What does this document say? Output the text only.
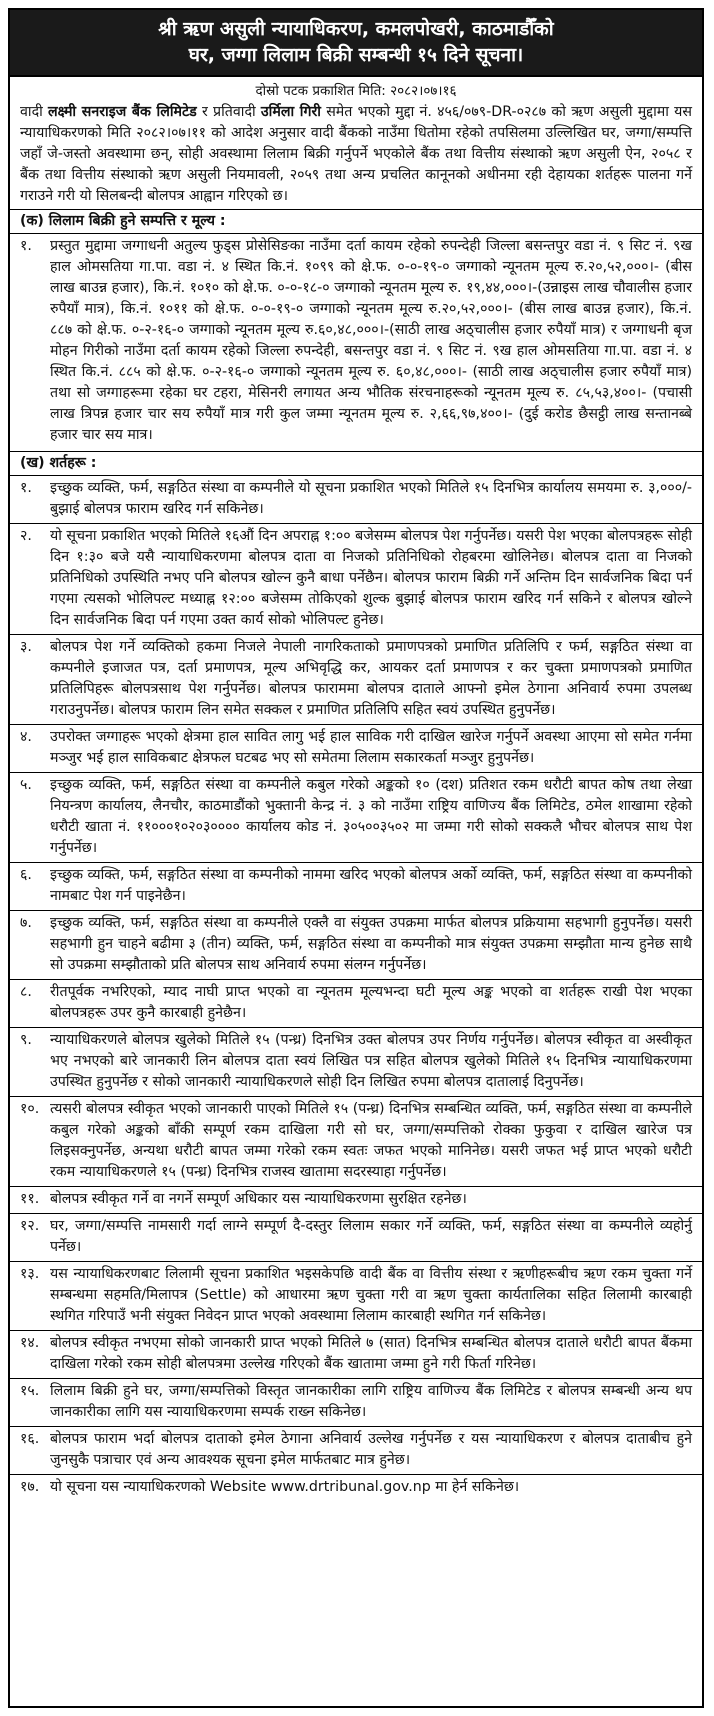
श्री ऋण असुली न्यायाधिकरण, कमलपोखरी, काठमाडौँको
घर, जग्गा लिलाम बिक्री सम्बन्धी १५ दिने सूचना।
दोस्रो पटक प्रकाशित मिति: २०८२।०७।१६

वादी लक्ष्मी सनराइज बैंक लिमिटेड र प्रतिवादी उर्मिला गिरी समेत भएको मुद्दा नं. ४५६/०७९-DR-०२८७ को ऋण असुली मुद्दामा यस न्यायाधिकरणको मिति २०८२।०७।११ को आदेश अनुसार वादी बैंकको नाउँमा धितोमा रहेको तपसिलमा उल्लिखित घर, जग्गा/सम्पत्ति जहाँ जे-जस्तो अवस्थामा छन्, सोही अवस्थामा लिलाम बिक्री गर्नुपर्ने भएकोले बैंक तथा वित्तीय संस्थाको ऋण असुली ऐन, २०५८ र बैंक तथा वित्तीय संस्थाको ऋण असुली नियमावली, २०५९ तथा अन्य प्रचलित कानूनको अधीनमा रही देहायका शर्तहरू पालना गर्ने गराउने गरी यो सिलबन्दी बोलपत्र आह्वान गरिएको छ।

(क) लिलाम बिक्री हुने सम्पत्ति र मूल्य :
१.	प्रस्तुत मुद्दामा जग्गाधनी अतुल्य फुड्स प्रोसेसिङका नाउँमा दर्ता कायम रहेको रुपन्देही जिल्ला बसन्तपुर वडा नं. ९ सिट नं. ९ख हाल ओमसतिया गा.पा. वडा नं. ४ स्थित कि.नं. १०९९ को क्षे.फ. ०-०-१९-० जग्गाको न्यूनतम मूल्य रु.२०,५२,०००।- (बीस लाख बाउन्न हजार), कि.नं. १०१० को क्षे.फ. ०-०-१८-० जग्गाको न्यूनतम मूल्य रु. १९,४४,०००।-(उन्नाइस लाख चौवालीस हजार रुपैयाँ मात्र), कि.नं. १०११ को क्षे.फ. ०-०-१९-० जग्गाको न्यूनतम मूल्य रु.२०,५२,०००।- (बीस लाख बाउन्न हजार), कि.नं. ८८७ को क्षे.फ. ०-२-१६-० जग्गाको न्यूनतम मूल्य रु.६०,४८,०००।-(साठी लाख अठ्चालीस हजार रुपैयाँ मात्र) र जग्गाधनी बृज मोहन गिरीको नाउँमा दर्ता कायम रहेको जिल्ला रुपन्देही, बसन्तपुर वडा नं. ९ सिट नं. ९ख हाल ओमसतिया गा.पा. वडा नं. ४ स्थित कि.नं. ८८५ को क्षे.फ. ०-२-१६-० जग्गाको न्यूनतम मूल्य रु. ६०,४८,०००।- (साठी लाख अठ्चालीस हजार रुपैयाँ मात्र) तथा सो जग्गाहरूमा रहेका घर टहरा, मेसिनरी लगायत अन्य भौतिक संरचनाहरूको न्यूनतम मूल्य रु. ८५,५३,४००।- (पचासी लाख त्रिपन्न हजार चार सय रुपैयाँ मात्र गरी कुल जम्मा न्यूनतम मूल्य रु. २,६६,९७,४००।- (दुई करोड छैसट्ठी लाख सन्तानब्बे हजार चार सय मात्र।
(ख) शर्तहरू :
१.	इच्छुक व्यक्ति, फर्म, सङ्गठित संस्था वा कम्पनीले यो सूचना प्रकाशित भएको मितिले १५ दिनभित्र कार्यालय समयमा रु. ३,०००/- बुझाई बोलपत्र फाराम खरिद गर्न सकिनेछ।
२.	यो सूचना प्रकाशित भएको मितिले १६औं दिन अपराह्न १:०० बजेसम्म बोलपत्र पेश गर्नुपर्नेछ। यसरी पेश भएका बोलपत्रहरू सोही दिन १:३० बजे यसै न्यायाधिकरणमा बोलपत्र दाता वा निजको प्रतिनिधिको रोहबरमा खोलिनेछ। बोलपत्र दाता वा निजको प्रतिनिधिको उपस्थिति नभए पनि बोलपत्र खोल्न कुनै बाधा पर्नेछैन। बोलपत्र फाराम बिक्री गर्ने अन्तिम दिन सार्वजनिक बिदा पर्न गएमा त्यसको भोलिपल्ट मध्याह्न १२:०० बजेसम्म तोकिएको शुल्क बुझाई बोलपत्र फाराम खरिद गर्न सकिने र बोलपत्र खोल्ने दिन सार्वजनिक बिदा पर्न गएमा उक्त कार्य सोको भोलिपल्ट हुनेछ।
३.	बोलपत्र पेश गर्ने व्यक्तिको हकमा निजले नेपाली नागरिकताको प्रमाणपत्रको प्रमाणित प्रतिलिपि र फर्म, सङ्गठित संस्था वा कम्पनीले इजाजत पत्र, दर्ता प्रमाणपत्र, मूल्य अभिवृद्धि कर, आयकर दर्ता प्रमाणपत्र र कर चुक्ता प्रमाणपत्रको प्रमाणित प्रतिलिपिहरू बोलपत्रसाथ पेश गर्नुपर्नेछ। बोलपत्र फाराममा बोलपत्र दाताले आफ्नो इमेल ठेगाना अनिवार्य रुपमा उपलब्ध गराउनुपर्नेछ। बोलपत्र फाराम लिन समेत सक्कल र प्रमाणित प्रतिलिपि सहित स्वयं उपस्थित हुनुपर्नेछ।
४.	उपरोक्त जग्गाहरू भएको क्षेत्रमा हाल सावित लागु भई हाल साविक गरी दाखिल खारेज गर्नुपर्ने अवस्था आएमा सो समेत गर्नमा मञ्जुर भई हाल साविकबाट क्षेत्रफल घटबढ भए सो समेतमा लिलाम सकारकर्ता मञ्जुर हुनुपर्नेछ।
५.	इच्छुक व्यक्ति, फर्म, सङ्गठित संस्था वा कम्पनीले कबुल गरेको अङ्कको १० (दश) प्रतिशत रकम धरौटी बापत कोष तथा लेखा नियन्त्रण कार्यालय, लैनचौर, काठमाडौंको भुक्तानी केन्द्र नं. ३ को नाउँमा राष्ट्रिय वाणिज्य बैंक लिमिटेड, ठमेल शाखामा रहेको धरौटी खाता नं. ११०००१०२०३०००० कार्यालय कोड नं. ३०५००३५०२ मा जम्मा गरी सोको सक्कलै भौचर बोलपत्र साथ पेश गर्नुपर्नेछ।
६.	इच्छुक व्यक्ति, फर्म, सङ्गठित संस्था वा कम्पनीको नाममा खरिद भएको बोलपत्र अर्को व्यक्ति, फर्म, सङ्गठित संस्था वा कम्पनीको नामबाट पेश गर्न पाइनेछैन।
७.	इच्छुक व्यक्ति, फर्म, सङ्गठित संस्था वा कम्पनीले एक्लै वा संयुक्त उपक्रमा मार्फत बोलपत्र प्रक्रियामा सहभागी हुनुपर्नेछ। यसरी सहभागी हुन चाहने बढीमा ३ (तीन) व्यक्ति, फर्म, सङ्गठित संस्था वा कम्पनीको मात्र संयुक्त उपक्रमा सम्झौता मान्य हुनेछ साथै सो उपक्रमा सम्झौताको प्रति बोलपत्र साथ अनिवार्य रुपमा संलग्न गर्नुपर्नेछ।
८.	रीतपूर्वक नभरिएको, म्याद नाघी प्राप्त भएको वा न्यूनतम मूल्यभन्दा घटी मूल्य अङ्क भएको वा शर्तहरू राखी पेश भएका बोलपत्रहरू उपर कुनै कारबाही हुनेछैन।
९.	न्यायाधिकरणले बोलपत्र खुलेको मितिले १५ (पन्ध्र) दिनभित्र उक्त बोलपत्र उपर निर्णय गर्नुपर्नेछ। बोलपत्र स्वीकृत वा अस्वीकृत भए नभएको बारे जानकारी लिन बोलपत्र दाता स्वयं लिखित पत्र सहित बोलपत्र खुलेको मितिले १५ दिनभित्र न्यायाधिकरणमा उपस्थित हुनुपर्नेछ र सोको जानकारी न्यायाधिकरणले सोही दिन लिखित रुपमा बोलपत्र दातालाई दिनुपर्नेछ।
१०. त्यसरी बोलपत्र स्वीकृत भएको जानकारी पाएको मितिले १५ (पन्ध्र) दिनभित्र सम्बन्धित व्यक्ति, फर्म, सङ्गठित संस्था वा कम्पनीले कबुल गरेको अङ्कको बाँकी सम्पूर्ण रकम दाखिला गरी सो घर, जग्गा/सम्पत्तिको रोक्का फुकुवा र दाखिल खारेज पत्र लिइसक्नुपर्नेछ, अन्यथा धरौटी बापत जम्मा गरेको रकम स्वतः जफत भएको मानिनेछ। यसरी जफत भई प्राप्त भएको धरौटी रकम न्यायाधिकरणले १५ (पन्ध्र) दिनभित्र राजस्व खातामा सदरस्याहा गर्नुपर्नेछ।
११. बोलपत्र स्वीकृत गर्ने वा नगर्ने सम्पूर्ण अधिकार यस न्यायाधिकरणमा सुरक्षित रहनेछ।
१२. घर, जग्गा/सम्पत्ति नामसारी गर्दा लाग्ने सम्पूर्ण दै-दस्तुर लिलाम सकार गर्ने व्यक्ति, फर्म, सङ्गठित संस्था वा कम्पनीले व्यहोर्नु पर्नेछ।
१३. यस न्यायाधिकरणबाट लिलामी सूचना प्रकाशित भइसकेपछि वादी बैंक वा वित्तीय संस्था र ऋणीहरूबीच ऋण रकम चुक्ता गर्ने सम्बन्धमा सहमति/मिलापत्र (Settle) को आधारमा ऋण चुक्ता गरी वा ऋण चुक्ता कार्यतालिका सहित लिलामी कारबाही स्थगित गरिपाउँ भनी संयुक्त निवेदन प्राप्त भएको अवस्थामा लिलाम कारबाही स्थगित गर्न सकिनेछ।
१४. बोलपत्र स्वीकृत नभएमा सोको जानकारी प्राप्त भएको मितिले ७ (सात) दिनभित्र सम्बन्धित बोलपत्र दाताले धरौटी बापत बैंकमा दाखिला गरेको रकम सोही बोलपत्रमा उल्लेख गरिएको बैंक खातामा जम्मा हुने गरी फिर्ता गरिनेछ।
१५. लिलाम बिक्री हुने घर, जग्गा/सम्पत्तिको विस्तृत जानकारीका लागि राष्ट्रिय वाणिज्य बैंक लिमिटेड र बोलपत्र सम्बन्धी अन्य थप जानकारीका लागि यस न्यायाधिकरणमा सम्पर्क राख्न सकिनेछ।
१६. बोलपत्र फाराम भर्दा बोलपत्र दाताको इमेल ठेगाना अनिवार्य उल्लेख गर्नुपर्नेछ र यस न्यायाधिकरण र बोलपत्र दाताबीच हुने जुनसुकै पत्राचार एवं अन्य आवश्यक सूचना इमेल मार्फतबाट मात्र हुनेछ।
१७. यो सूचना यस न्यायाधिकरणको Website www.drtribunal.gov.np मा हेर्न सकिनेछ।
